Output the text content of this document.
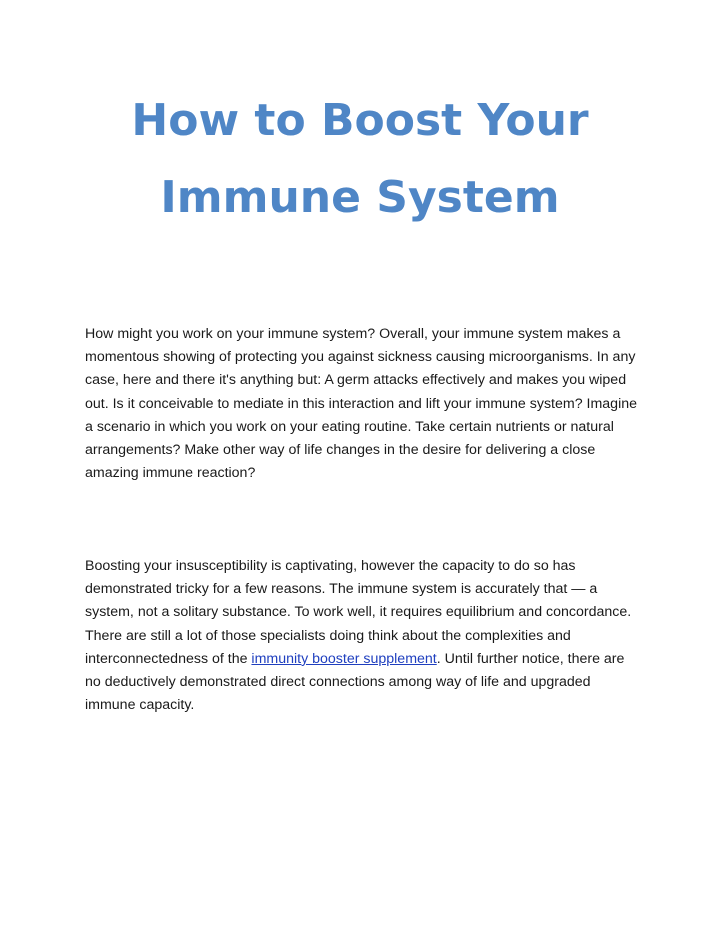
How to Boost Your
Immune System

How might you work on your immune system? Overall, your immune system makes a momentous showing of protecting you against sickness causing microorganisms. In any case, here and there it's anything but: A germ attacks effectively and makes you wiped out. Is it conceivable to mediate in this interaction and lift your immune system? Imagine a scenario in which you work on your eating routine. Take certain nutrients or natural arrangements? Make other way of life changes in the desire for delivering a close amazing immune reaction?

Boosting your insusceptibility is captivating, however the capacity to do so has demonstrated tricky for a few reasons. The immune system is accurately that — a system, not a solitary substance. To work well, it requires equilibrium and concordance. There are still a lot of those specialists doing think about the complexities and interconnectedness of the immunity booster supplement. Until further notice, there are no deductively demonstrated direct connections among way of life and upgraded immune capacity.
